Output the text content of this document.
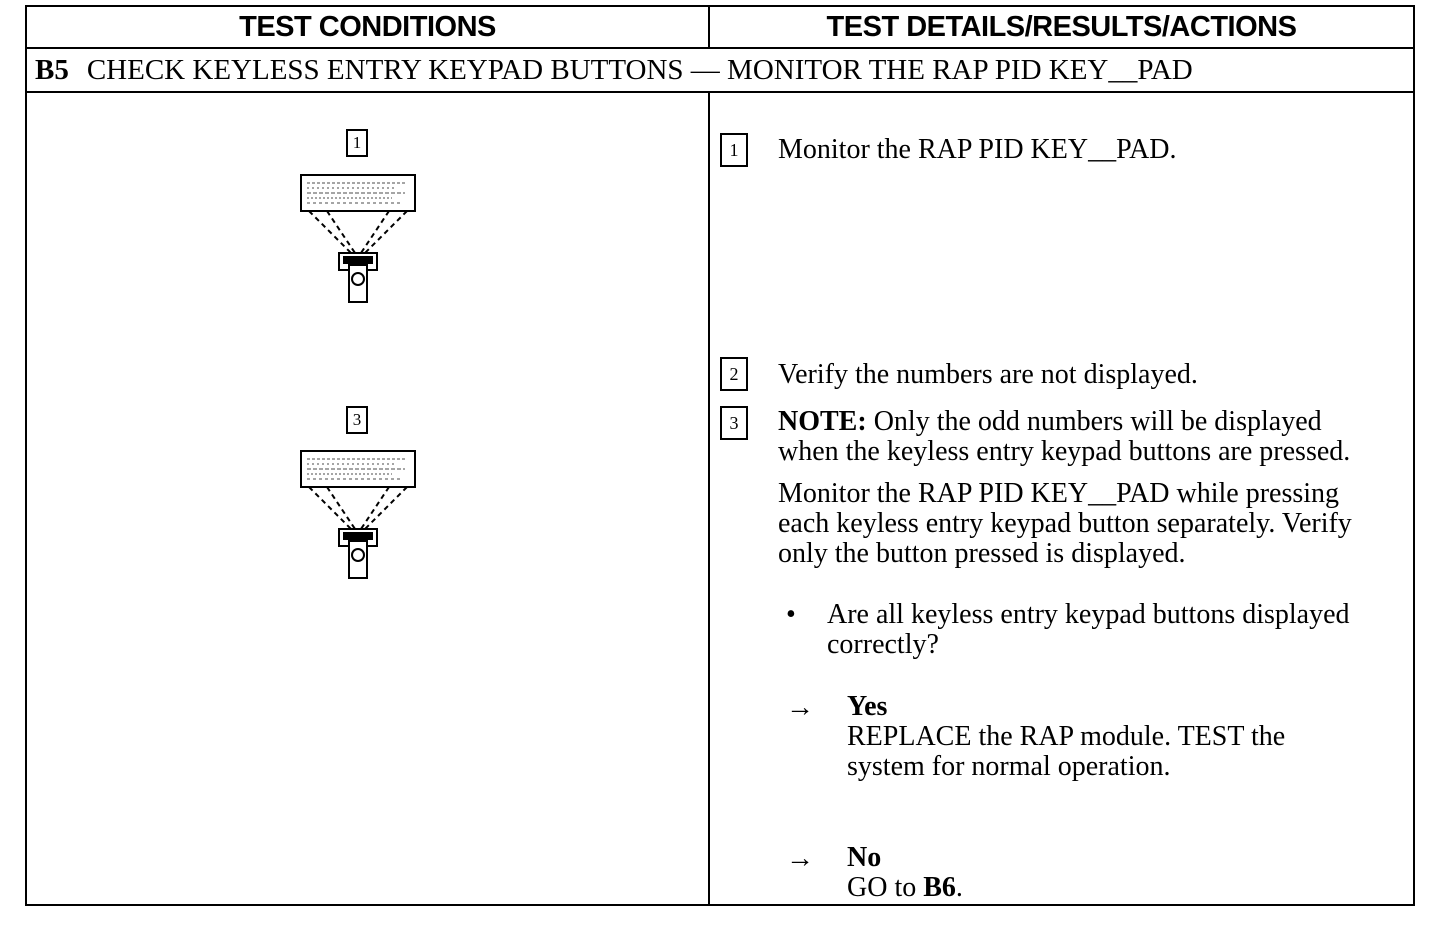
TEST CONDITIONS	TEST DETAILS/RESULTS/ACTIONS
B5 CHECK KEYLESS ENTRY KEYPAD BUTTONS — MONITOR THE RAP PID KEY__PAD
1
3
1	Monitor the RAP PID KEY__PAD.
2	Verify the numbers are not displayed.
3	NOTE: Only the odd numbers will be displayed
when the keyless entry keypad buttons are pressed.
Monitor the RAP PID KEY__PAD while pressing
each keyless entry keypad button separately. Verify
only the button pressed is displayed.
• Are all keyless entry keypad buttons displayed
correctly?
→ Yes
REPLACE the RAP module. TEST the
system for normal operation.
→ No
GO to B6.
